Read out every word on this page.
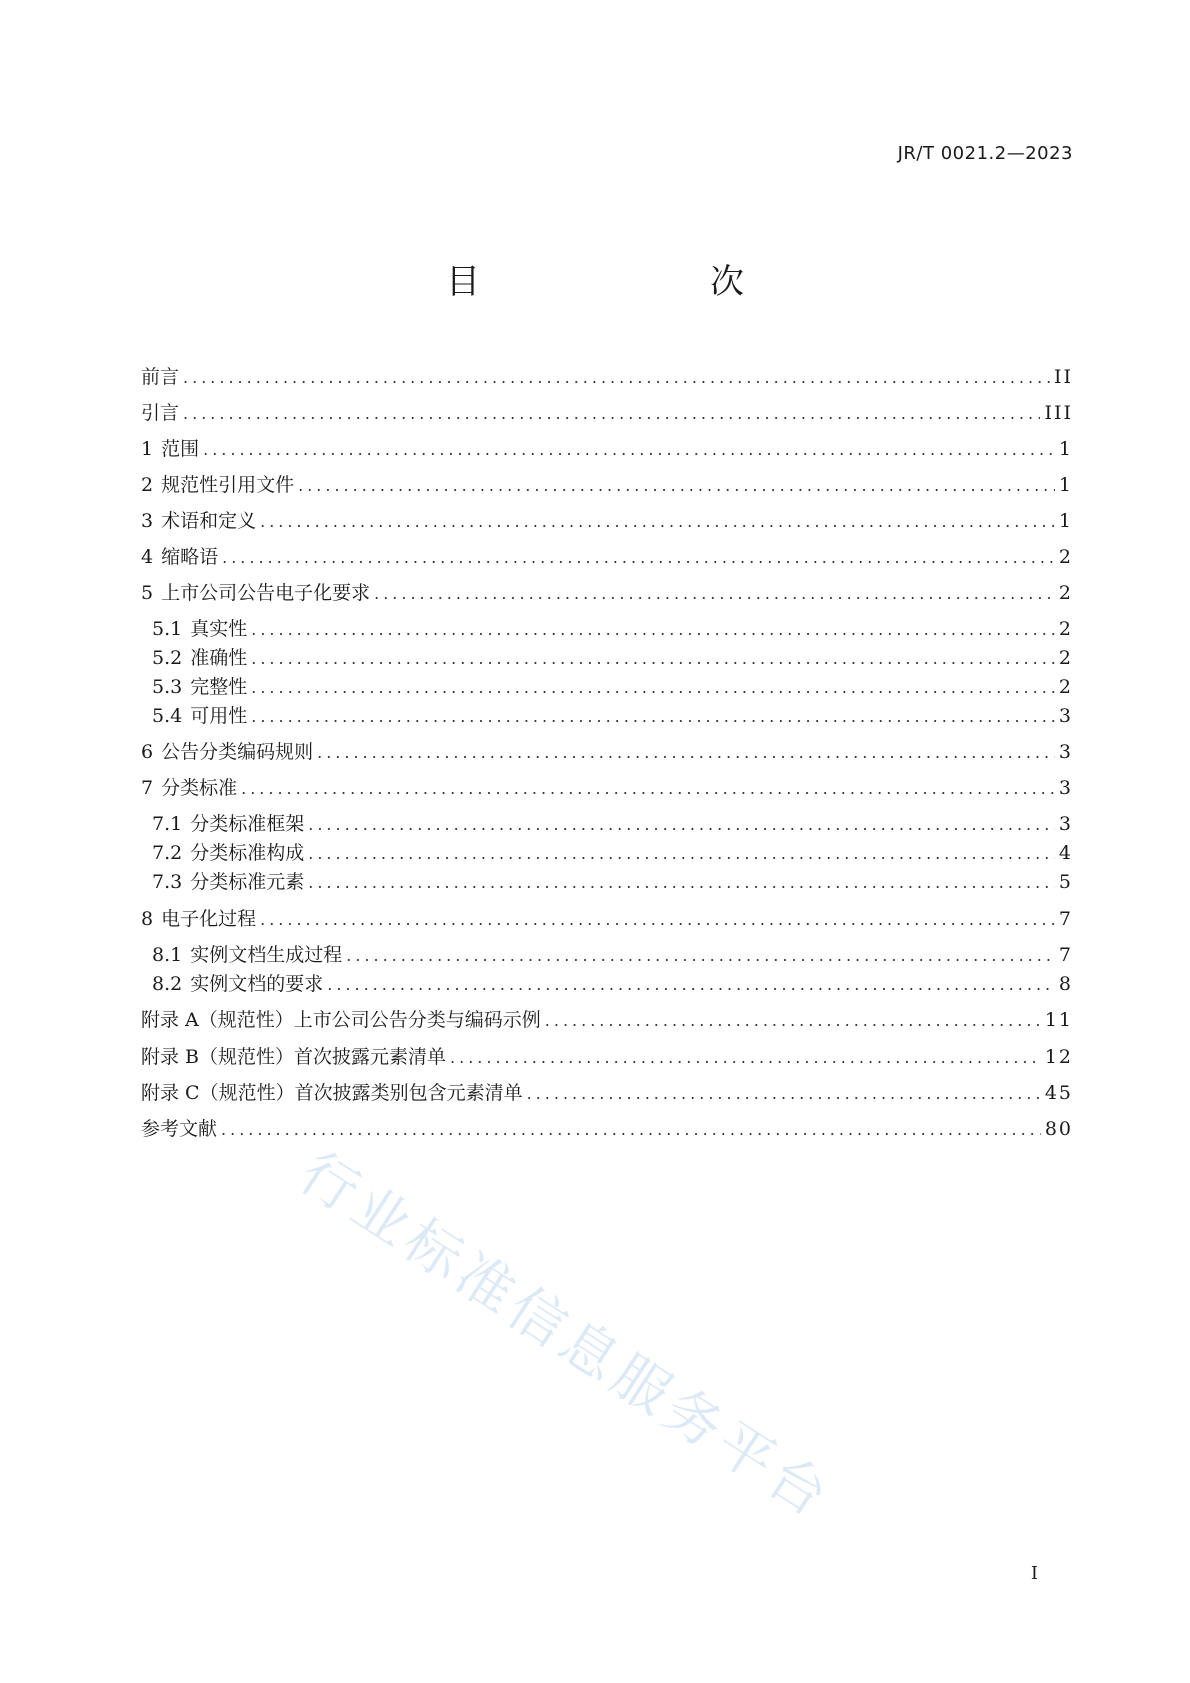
JR/T 0021.2—2023
目　　次
前言 .....	II
引言 .....	III
1 范围 .....	1
2 规范性引用文件 .....	1
3 术语和定义 .....	1
4 缩略语 .....	2
5 上市公司公告电子化要求 .....	2
5.1 真实性 .....	2
5.2 准确性 .....	2
5.3 完整性 .....	2
5.4 可用性 .....	3
6 公告分类编码规则 .....	3
7 分类标准 .....	3
7.1 分类标准框架 .....	3
7.2 分类标准构成 .....	4
7.3 分类标准元素 .....	5
8 电子化过程 .....	7
8.1 实例文档生成过程 .....	7
8.2 实例文档的要求 .....	8
附录 A（规范性）上市公司公告分类与编码示例 .....	11
附录 B（规范性）首次披露元素清单 .....	12
附录 C（规范性）首次披露类别包含元素清单 .....	45
参考文献 .....	80
I
行业标准信息服务平台
